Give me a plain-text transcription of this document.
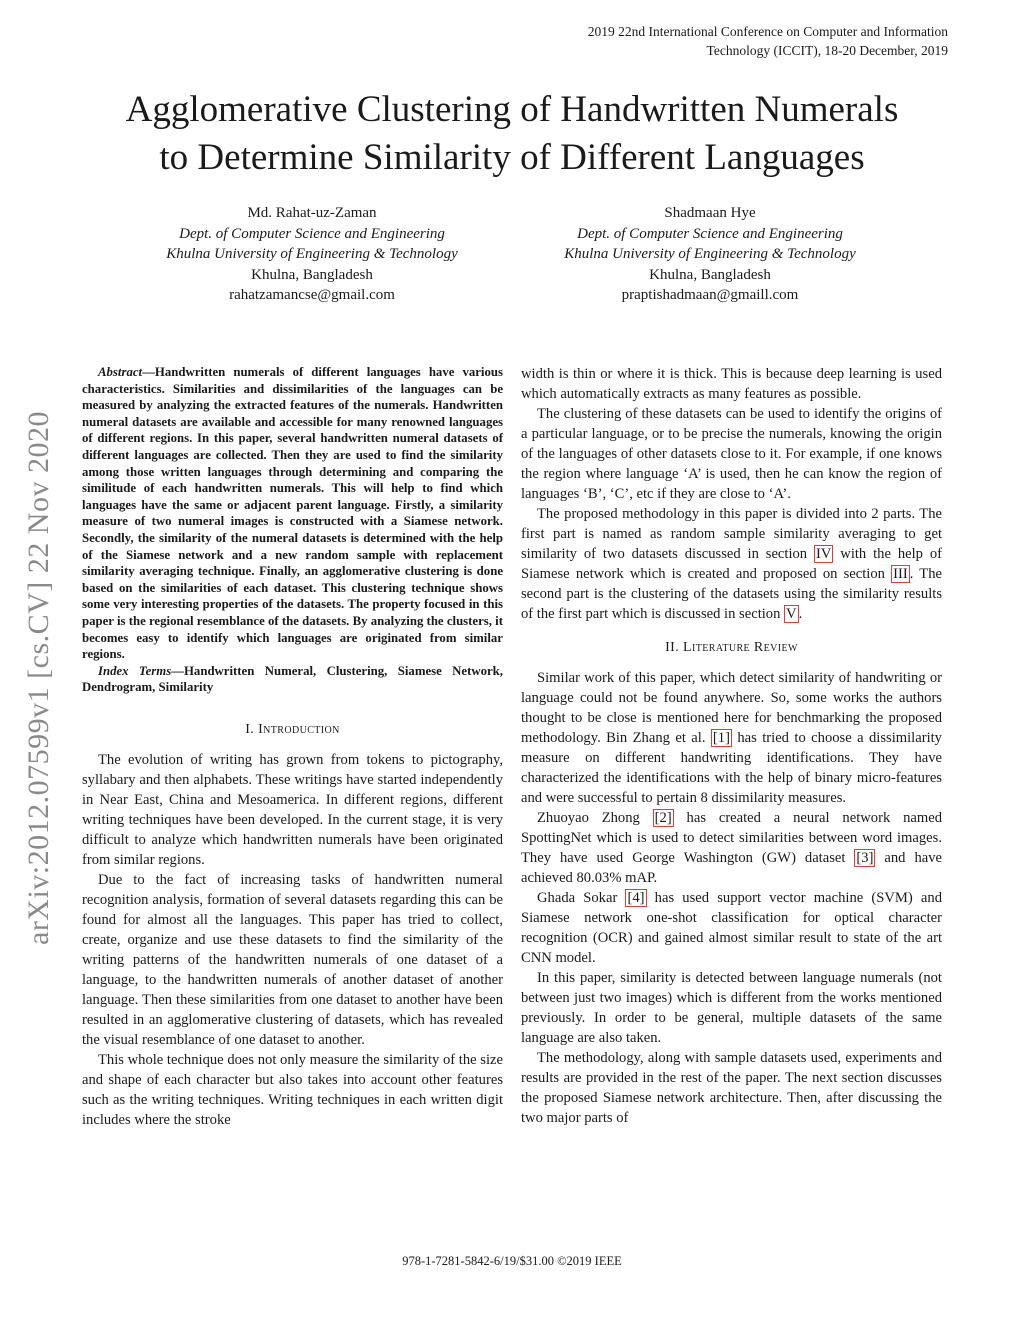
2019 22nd International Conference on Computer and Information
Technology (ICCIT), 18-20 December, 2019
Agglomerative Clustering of Handwritten Numerals
to Determine Similarity of Different Languages
Md. Rahat-uz-Zaman
Dept. of Computer Science and Engineering
Khulna University of Engineering & Technology
Khulna, Bangladesh
rahatzamancse@gmail.com
Shadmaan Hye
Dept. of Computer Science and Engineering
Khulna University of Engineering & Technology
Khulna, Bangladesh
praptishadmaan@gmaill.com
arXiv:2012.07599v1 [cs.CV] 22 Nov 2020

Abstract—Handwritten numerals of different languages have various characteristics. Similarities and dissimilarities of the languages can be measured by analyzing the extracted features of the numerals. Handwritten numeral datasets are available and accessible for many renowned languages of different regions. In this paper, several handwritten numeral datasets of different languages are collected. Then they are used to find the similarity among those written languages through determining and comparing the similitude of each handwritten numerals. This will help to find which languages have the same or adjacent parent language. Firstly, a similarity measure of two numeral images is constructed with a Siamese network. Secondly, the similarity of the numeral datasets is determined with the help of the Siamese network and a new random sample with replacement similarity averaging technique. Finally, an agglomerative clustering is done based on the similarities of each dataset. This clustering technique shows some very interesting properties of the datasets. The property focused in this paper is the regional resemblance of the datasets. By analyzing the clusters, it becomes easy to identify which languages are originated from similar regions.

Index Terms—Handwritten Numeral, Clustering, Siamese Network, Dendrogram, Similarity

I. Introduction

The evolution of writing has grown from tokens to pictography, syllabary and then alphabets. These writings have started independently in Near East, China and Mesoamerica. In different regions, different writing techniques have been developed. In the current stage, it is very difficult to analyze which handwritten numerals have been originated from similar regions.

Due to the fact of increasing tasks of handwritten numeral recognition analysis, formation of several datasets regarding this can be found for almost all the languages. This paper has tried to collect, create, organize and use these datasets to find the similarity of the writing patterns of the handwritten numerals of one dataset of a language, to the handwritten numerals of another dataset of another language. Then these similarities from one dataset to another have been resulted in an agglomerative clustering of datasets, which has revealed the visual resemblance of one dataset to another.

This whole technique does not only measure the similarity of the size and shape of each character but also takes into account other features such as the writing techniques. Writing techniques in each written digit includes where the stroke

width is thin or where it is thick. This is because deep learning is used which automatically extracts as many features as possible.

The clustering of these datasets can be used to identify the origins of a particular language, or to be precise the numerals, knowing the origin of the languages of other datasets close to it. For example, if one knows the region where language ‘A’ is used, then he can know the region of languages ‘B’, ‘C’, etc if they are close to ‘A’.

The proposed methodology in this paper is divided into 2 parts. The first part is named as random sample similarity averaging to get similarity of two datasets discussed in section IV with the help of Siamese network which is created and proposed on section III . The second part is the clustering of the datasets using the similarity results of the first part which is discussed in section V .

II. Literature Review

Similar work of this paper, which detect similarity of handwriting or language could not be found anywhere. So, some works the authors thought to be close is mentioned here for benchmarking the proposed methodology. Bin Zhang et al. [1] has tried to choose a dissimilarity measure on different handwriting identifications. They have characterized the identifications with the help of binary micro-features and were successful to pertain 8 dissimilarity measures.

Zhuoyao Zhong [2] has created a neural network named SpottingNet which is used to detect similarities between word images. They have used George Washington (GW) dataset [3] and have achieved 80.03% mAP.

Ghada Sokar [4] has used support vector machine (SVM) and Siamese network one-shot classification for optical character recognition (OCR) and gained almost similar result to state of the art CNN model.

In this paper, similarity is detected between language numerals (not between just two images) which is different from the works mentioned previously. In order to be general, multiple datasets of the same language are also taken.

The methodology, along with sample datasets used, experiments and results are provided in the rest of the paper. The next section discusses the proposed Siamese network architecture. Then, after discussing the two major parts of

978-1-7281-5842-6/19/$31.00 ©2019 IEEE
